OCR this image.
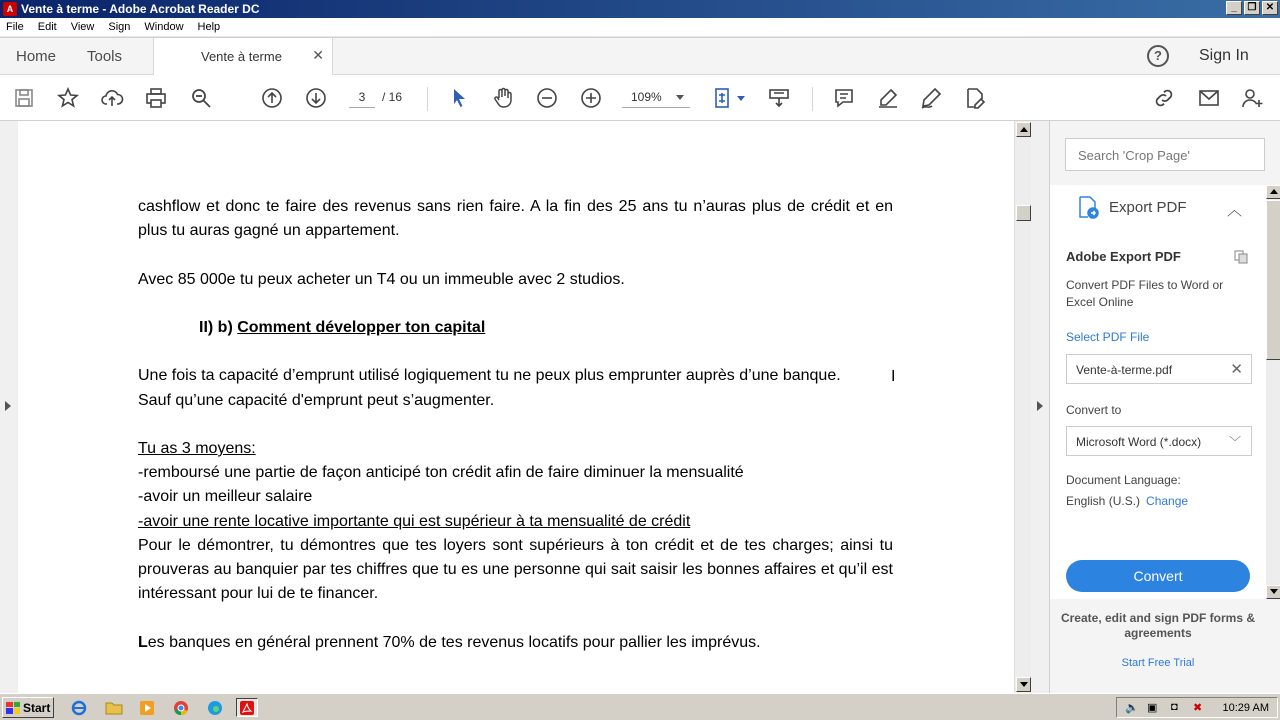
A Vente à terme - Adobe Acrobat Reader DC	_	❐ ✕
File Edit View Sign Window Help
Home Tools	Vente à terme ✕	?	Sign In
3	/ 16	109%

cashflow et donc te faire des revenus sans rien faire. A la fin des 25 ans tu n’auras plus de crédit et en plus tu auras gagné un appartement.

Avec 85 000e tu peux acheter un T4 ou un immeuble avec 2 studios.

II) b) Comment développer ton capital

Une fois ta capacité d’emprunt utilisé logiquement tu ne peux plus emprunter auprès d’une banque.

Sauf qu’une capacité d'emprunt peut s’augmenter.

Tu as 3 moyens:

-remboursé une partie de façon anticipé ton crédit afin de faire diminuer la mensualité

-avoir un meilleur salaire

-avoir une rente locative importante qui est supérieur à ta mensualité de crédit

Pour le démontrer, tu démontres que tes loyers sont supérieurs à ton crédit et de tes charges; ainsi tu prouveras au banquier par tes chiffres que tu es une personne qui sait saisir les bonnes affaires et qu’il est intéressant pour lui de te financer.

Les banques en général prennent 70% de tes revenus locatifs pour pallier les imprévus.

I
Search 'Crop Page'
Export PDF	︿
Adobe Export PDF
Convert PDF Files to Word or Excel Online
Select PDF File
Vente-à-terme.pdf	✕
Convert to
Microsoft Word (*.docx) ﹀
Document Language:
English (U.S.) Change
Convert
Create, edit and sign PDF forms & agreements
Start Free Trial
Start	🔈 ▣ ◘ ✖ 10:29 AM
